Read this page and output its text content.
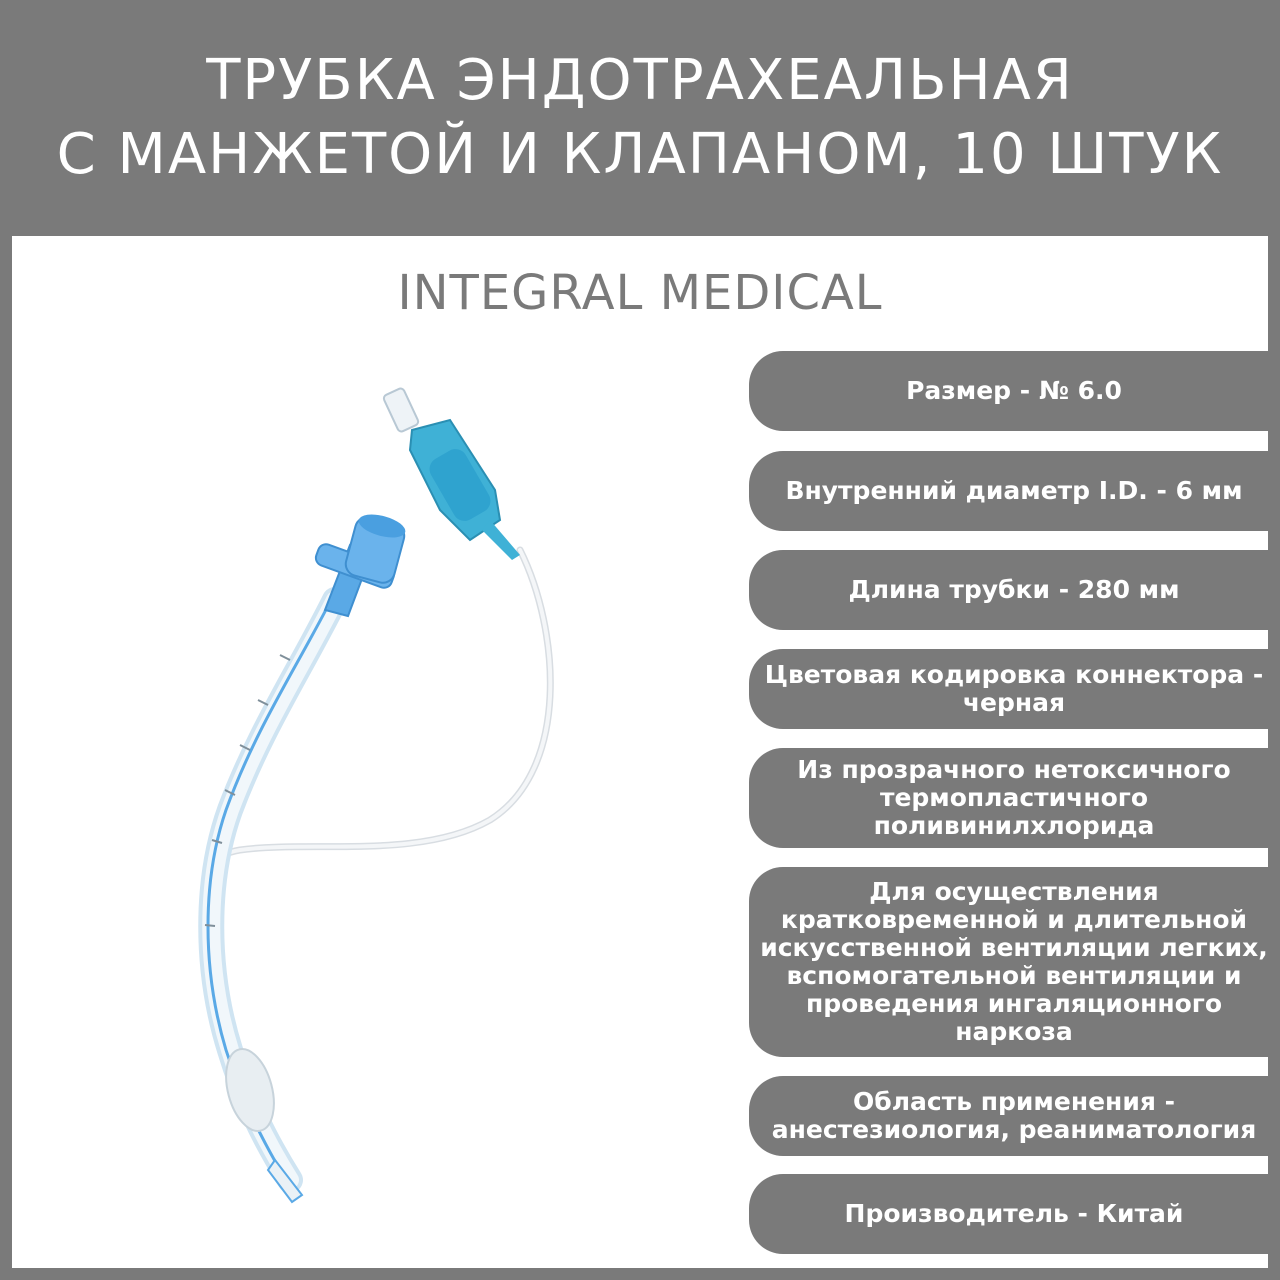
ТРУБКА ЭНДОТРАХЕАЛЬНАЯ
С МАНЖЕТОЙ И КЛАПАНОМ, 10 ШТУК
INTEGRAL MEDICAL
Размер - № 6.0
Внутренний диаметр I.D. - 6 мм
Длина трубки - 280 мм
Цветовая кодировка коннектора - черная
Из прозрачного нетоксичного термопластичного поливинилхлорида
Для осуществления кратковременной и длительной искусственной вентиляции легких, вспомогательной вентиляции и проведения ингаляционного наркоза
Область применения - анестезиология, реаниматология
Производитель - Китай
